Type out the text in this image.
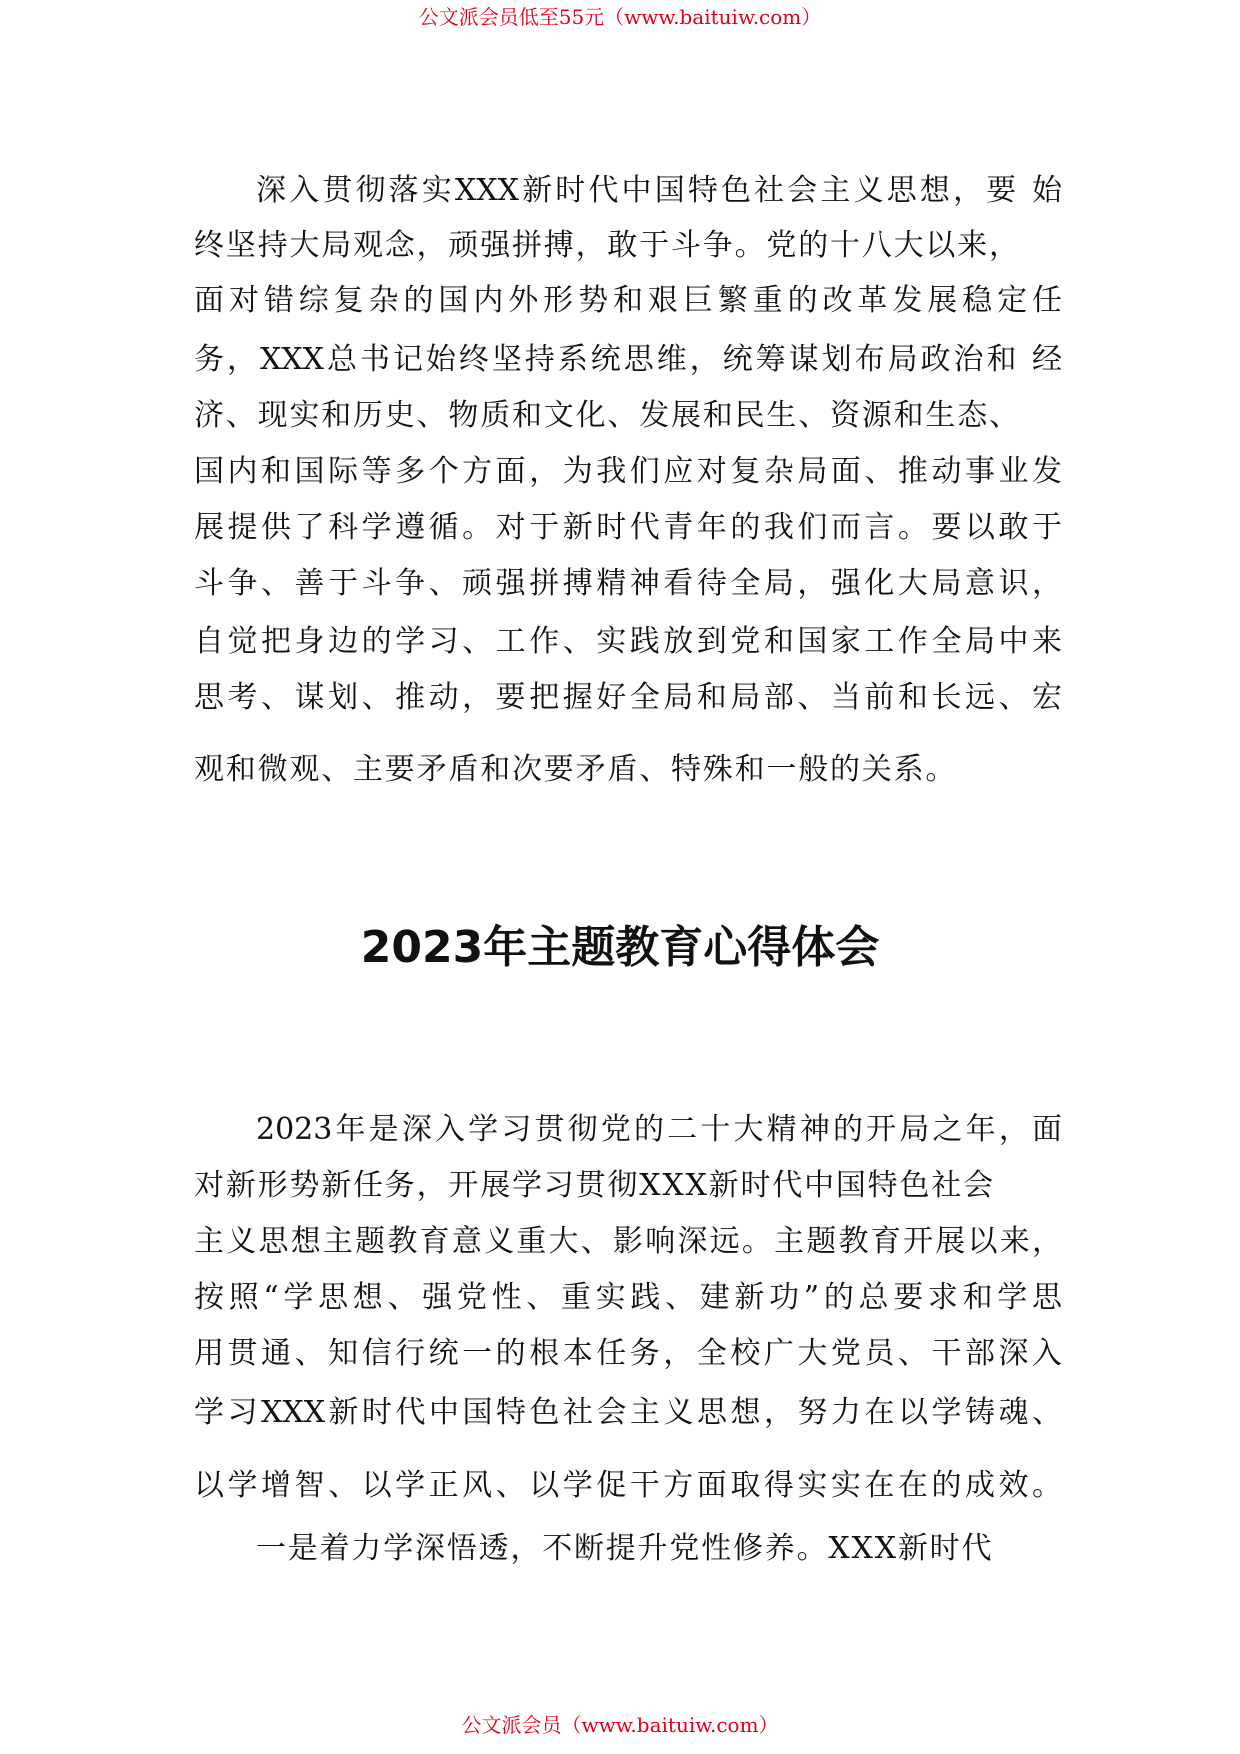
公文派会员低至55元（www.baituiw.com）
深入贯彻落实XXX新时代中国特色社会主义思想，要 始
终坚持大局观念，顽强拼搏，敢于斗争。党的十八大以来，
面对错综复杂的国内外形势和艰巨繁重的改革发展稳定任
务，XXX总书记始终坚持系统思维，统筹谋划布局政治和 经
济、现实和历史、物质和文化、发展和民生、资源和生态、
国内和国际等多个方面，为我们应对复杂局面、推动事业发
展提供了科学遵循。对于新时代青年的我们而言。要以敢于
斗争、善于斗争、顽强拼搏精神看待全局，强化大局意识，
自觉把身边的学习、工作、实践放到党和国家工作全局中来
思考、谋划、推动，要把握好全局和局部、当前和长远、宏
观和微观、主要矛盾和次要矛盾、特殊和一般的关系。
2023年主题教育心得体会
2023年是深入学习贯彻党的二十大精神的开局之年，面
对新形势新任务，开展学习贯彻XXX新时代中国特色社会
主义思想主题教育意义重大、影响深远。主题教育开展以来，
按照“学思想、强党性、重实践、建新功”的总要求和学思
用贯通、知信行统一的根本任务，全校广大党员、干部深入
学习XXX新时代中国特色社会主义思想，努力在以学铸魂、
以学增智、以学正风、以学促干方面取得实实在在的成效。
一是着力学深悟透，不断提升党性修养。XXX新时代
公文派会员（www.baituiw.com）
